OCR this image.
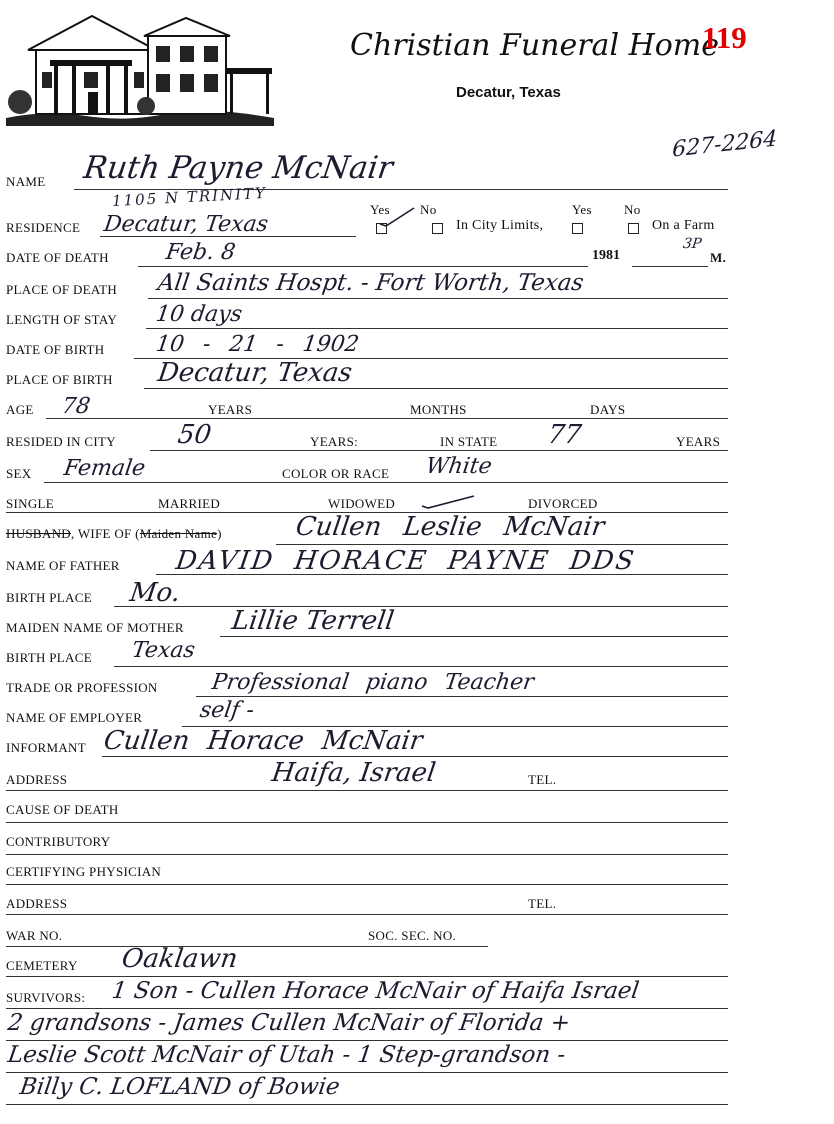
Christian Funeral Home
Decatur, Texas
119
NAME Ruth Payne McNair
627-2264
1105 N TRINITY
RESIDENCE Decatur, Texas
Yes No
In City Limits,
Yes No
On a Farm
DATE OF DEATH	Feb. 8	1981
3P
M.
PLACE OF DEATH All Saints Hospt. - Fort Worth, Texas
LENGTH OF STAY 10 days
DATE OF BIRTH 10 - 21 - 1902
PLACE OF BIRTH Decatur, Texas
AGE 78	YEARS	MONTHS	DAYS
RESIDED IN CITY 50	YEARS:	IN STATE 77	YEARS
SEX Female	COLOR OR RACE White
SINGLE	MARRIED	WIDOWED	DIVORCED
HUSBAND, WIFE OF (Maiden Name)	Cullen Leslie McNair
NAME OF FATHER DAVID HORACE PAYNE DDS
BIRTH PLACE Mo.
MAIDEN NAME OF MOTHER Lillie Terrell
BIRTH PLACE Texas
TRADE OR PROFESSION Professional piano Teacher
NAME OF EMPLOYER	self -
INFORMANT Cullen Horace McNair
ADDRESS	Haifa, Israel	TEL.
CAUSE OF DEATH
CONTRIBUTORY
CERTIFYING PHYSICIAN
ADDRESS	TEL.
WAR NO.	SOC. SEC. NO.
CEMETERY Oaklawn
SURVIVORS: 1 Son - Cullen Horace McNair of Haifa Israel
2 grandsons - James Cullen McNair of Florida +
Leslie Scott McNair of Utah - 1 Step-grandson -
Billy C. LOFLAND of Bowie
